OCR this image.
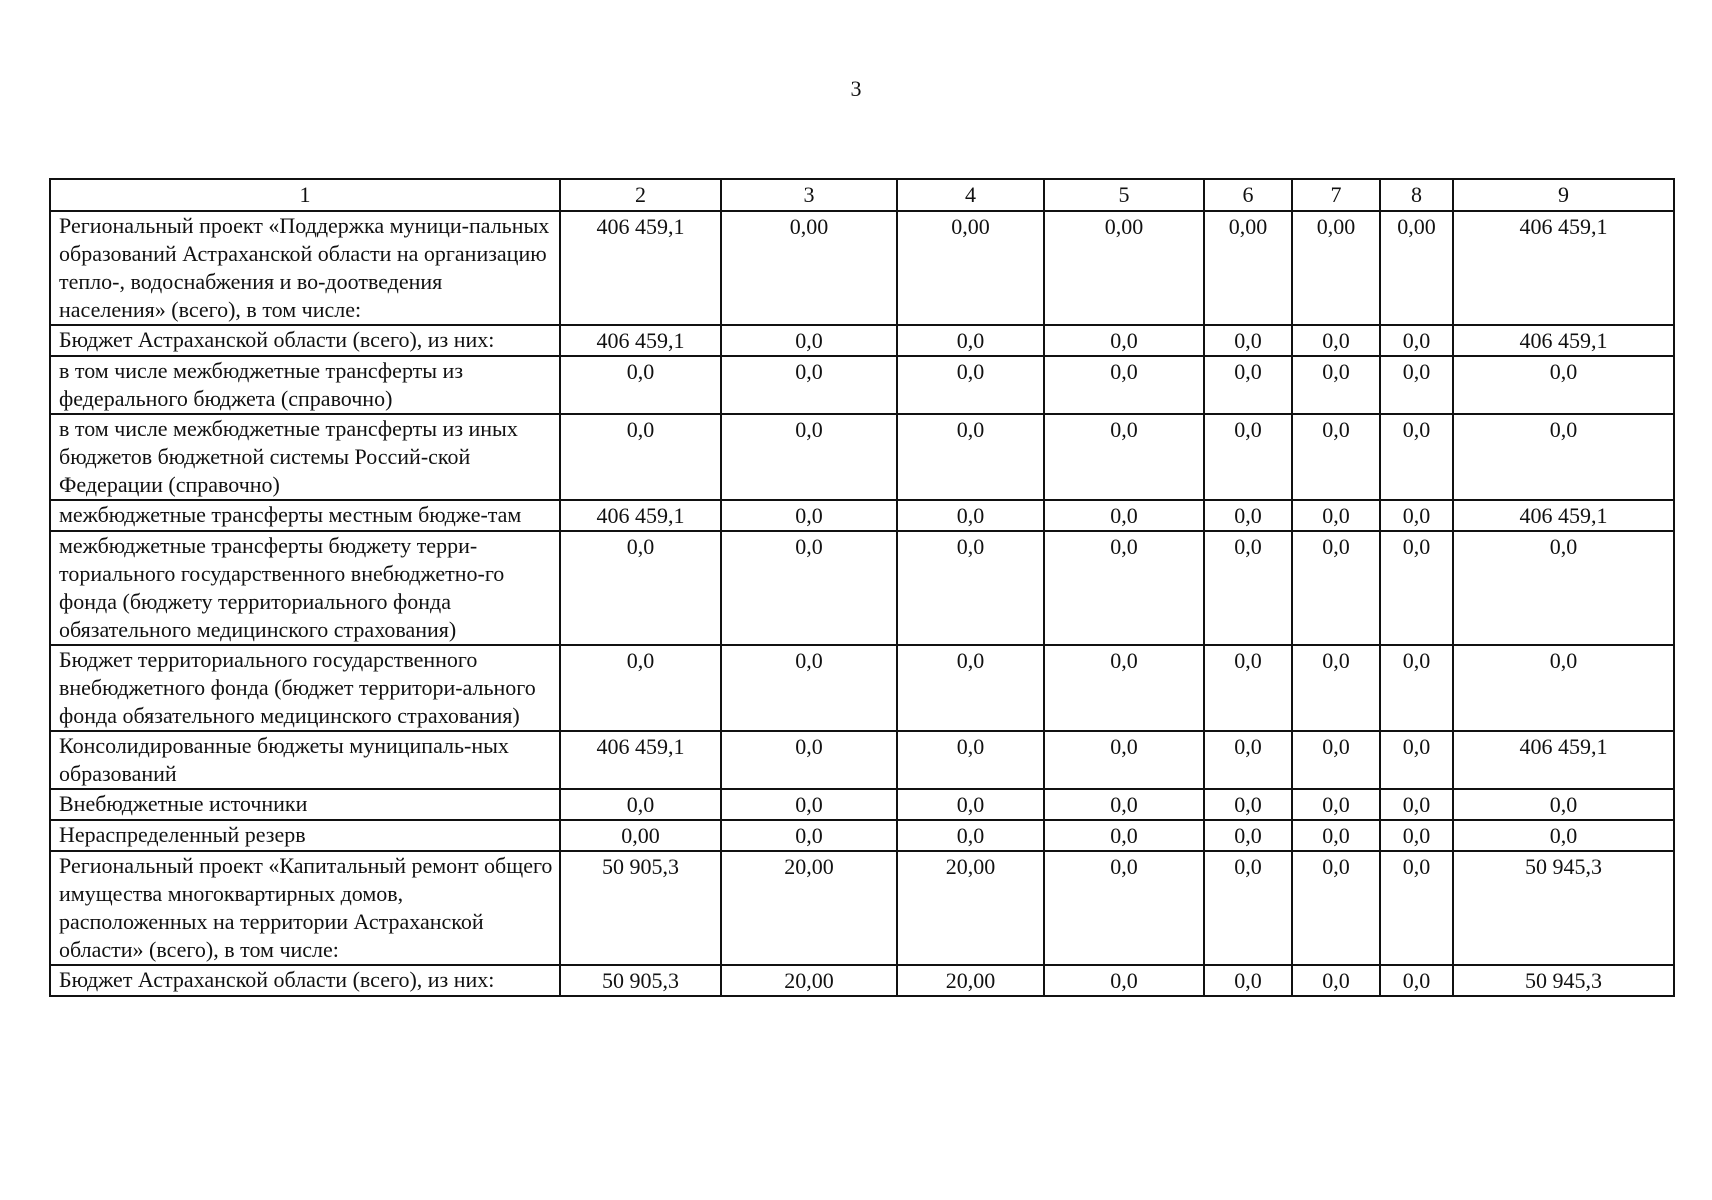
3
1	2	3	4	5	6	7	8	9
Региональный проект «Поддержка муници-пальных образований Астраханской области на организацию тепло-, водоснабжения и во-доотведения населения» (всего), в том числе:	406 459,1	0,00	0,00	0,00	0,00	0,00	0,00	406 459,1
Бюджет Астраханской области (всего), из них:	406 459,1	0,0	0,0	0,0	0,0	0,0	0,0	406 459,1
в том числе межбюджетные трансферты из федерального бюджета (справочно)	0,0	0,0	0,0	0,0	0,0	0,0	0,0	0,0
в том числе межбюджетные трансферты из иных бюджетов бюджетной системы Россий-ской Федерации (справочно)	0,0	0,0	0,0	0,0	0,0	0,0	0,0	0,0
межбюджетные трансферты местным бюдже-там	406 459,1	0,0	0,0	0,0	0,0	0,0	0,0	406 459,1
межбюджетные трансферты бюджету терри-ториального государственного внебюджетно-го фонда (бюджету территориального фонда обязательного медицинского страхования)	0,0	0,0	0,0	0,0	0,0	0,0	0,0	0,0
Бюджет территориального государственного внебюджетного фонда (бюджет территори-ального фонда обязательного медицинского страхования)	0,0	0,0	0,0	0,0	0,0	0,0	0,0	0,0
Консолидированные бюджеты муниципаль-ных образований	406 459,1	0,0	0,0	0,0	0,0	0,0	0,0	406 459,1
Внебюджетные источники	0,0	0,0	0,0	0,0	0,0	0,0	0,0	0,0
Нераспределенный резерв	0,00	0,0	0,0	0,0	0,0	0,0	0,0	0,0
Региональный проект «Капитальный ремонт общего имущества многоквартирных домов, расположенных на территории Астраханской области» (всего), в том числе:	50 905,3	20,00	20,00	0,0	0,0	0,0	0,0	50 945,3
Бюджет Астраханской области (всего), из них:	50 905,3	20,00	20,00	0,0	0,0	0,0	0,0	50 945,3
